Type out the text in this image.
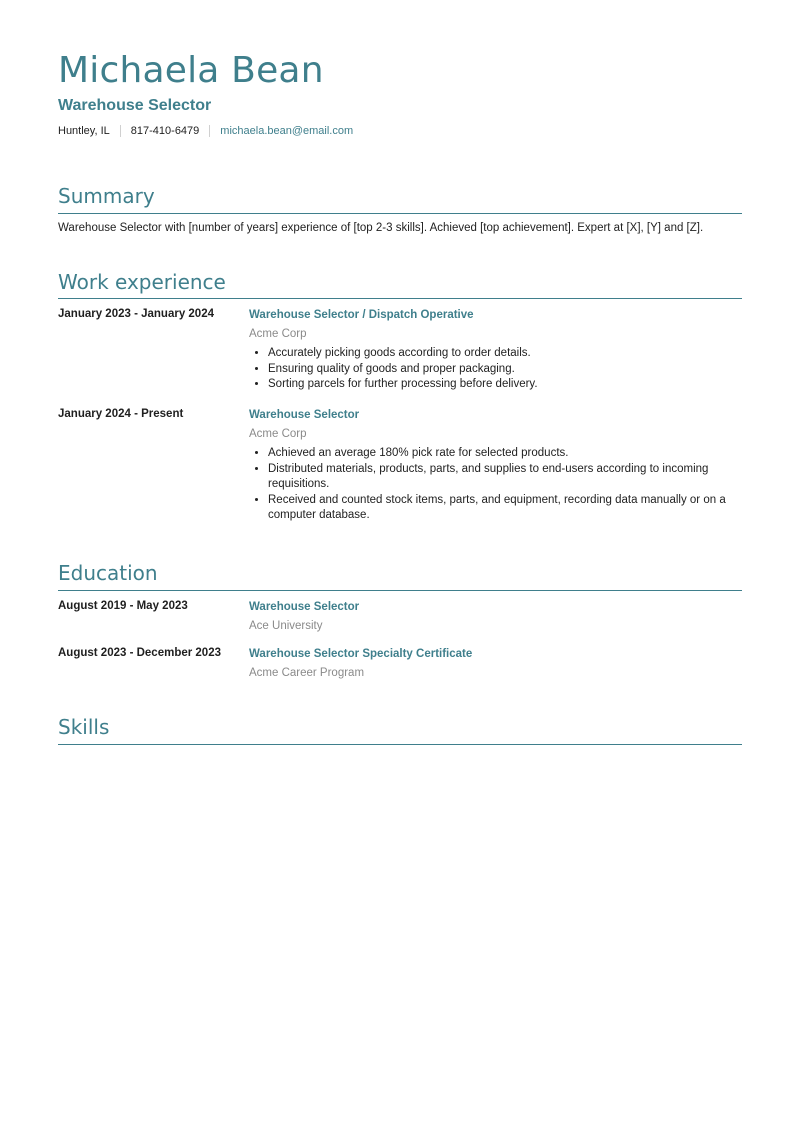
Michaela Bean
Warehouse Selector
Huntley, IL 817-410-6479 michaela.bean@email.com
Summary
Warehouse Selector with [number of years] experience of [top 2-3 skills]. Achieved [top achievement]. Expert at [X], [Y] and [Z].
Work experience
January 2023 - January 2024	Warehouse Selector / Dispatch Operative
Acme Corp
• Accurately picking goods according to order details.
• Ensuring quality of goods and proper packaging.
• Sorting parcels for further processing before delivery.
January 2024 - Present	Warehouse Selector
Acme Corp
• Achieved an average 180% pick rate for selected products.
• Distributed materials, products, parts, and supplies to end-users according to incoming requisitions.
• Received and counted stock items, parts, and equipment, recording data manually or on a computer database.
Education
August 2019 - May 2023	Warehouse Selector
Ace University
August 2023 - December 2023	Warehouse Selector Specialty Certificate
Acme Career Program
Skills
